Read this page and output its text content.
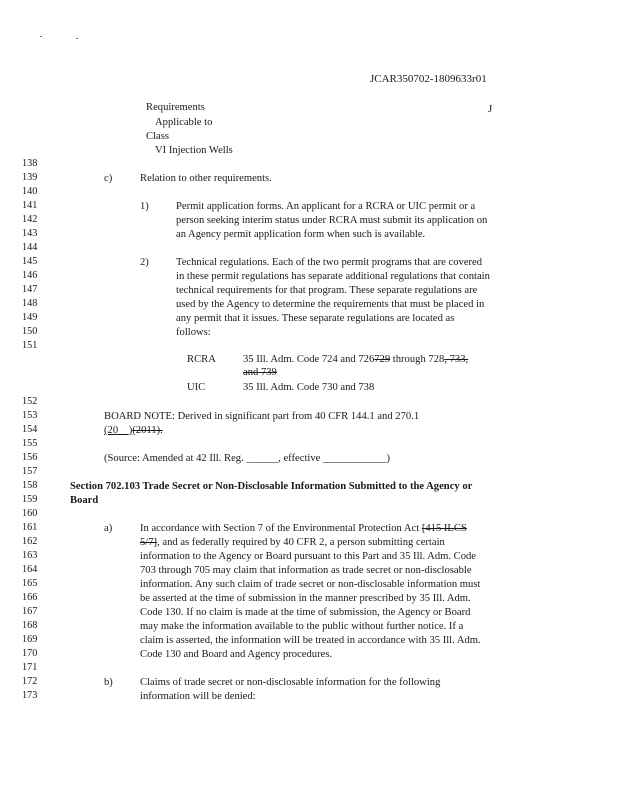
JCAR350702-1809633r01
J
Requirements
Applicable to
Class
VI Injection Wells
138
139
140
141
142
143
144
145
146
147
148
149
150
151
152
153
154
155
156
157
158
159
160
161
162
163
164
165
166
167
168
169
170
171
172
173
c)	Relation to other requirements.
1)	Permit application forms. An applicant for a RCRA or UIC permit or a
person seeking interim status under RCRA must submit its application on
an Agency permit application form when such is available.
2)	Technical regulations. Each of the two permit programs that are covered
in these permit regulations has separate additional regulations that contain
technical requirements for that program. These separate regulations are
used by the Agency to determine the requirements that must be placed in
any permit that it issues. These separate regulations are located as
follows:
RCRA	35 Ill. Adm. Code 724 and 726729 through 728, 733,
and 739
UIC	35 Ill. Adm. Code 730 and 738
BOARD NOTE: Derived in significant part from 40 CFR 144.1 and 270.1
(20__)(2011).
(Source: Amended at 42 Ill. Reg. ______, effective ____________)
Section 702.103 Trade Secret or Non-Disclosable Information Submitted to the Agency or
Board
a)	In accordance with Section 7 of the Environmental Protection Act [415 ILCS
5/7], and as federally required by 40 CFR 2, a person submitting certain
information to the Agency or Board pursuant to this Part and 35 Ill. Adm. Code
703 through 705 may claim that information as trade secret or non-disclosable
information. Any such claim of trade secret or non-disclosable information must
be asserted at the time of submission in the manner prescribed by 35 Ill. Adm.
Code 130. If no claim is made at the time of submission, the Agency or Board
may make the information available to the public without further notice. If a
claim is asserted, the information will be treated in accordance with 35 Ill. Adm.
Code 130 and Board and Agency procedures.
b)	Claims of trade secret or non-disclosable information for the following
information will be denied:
